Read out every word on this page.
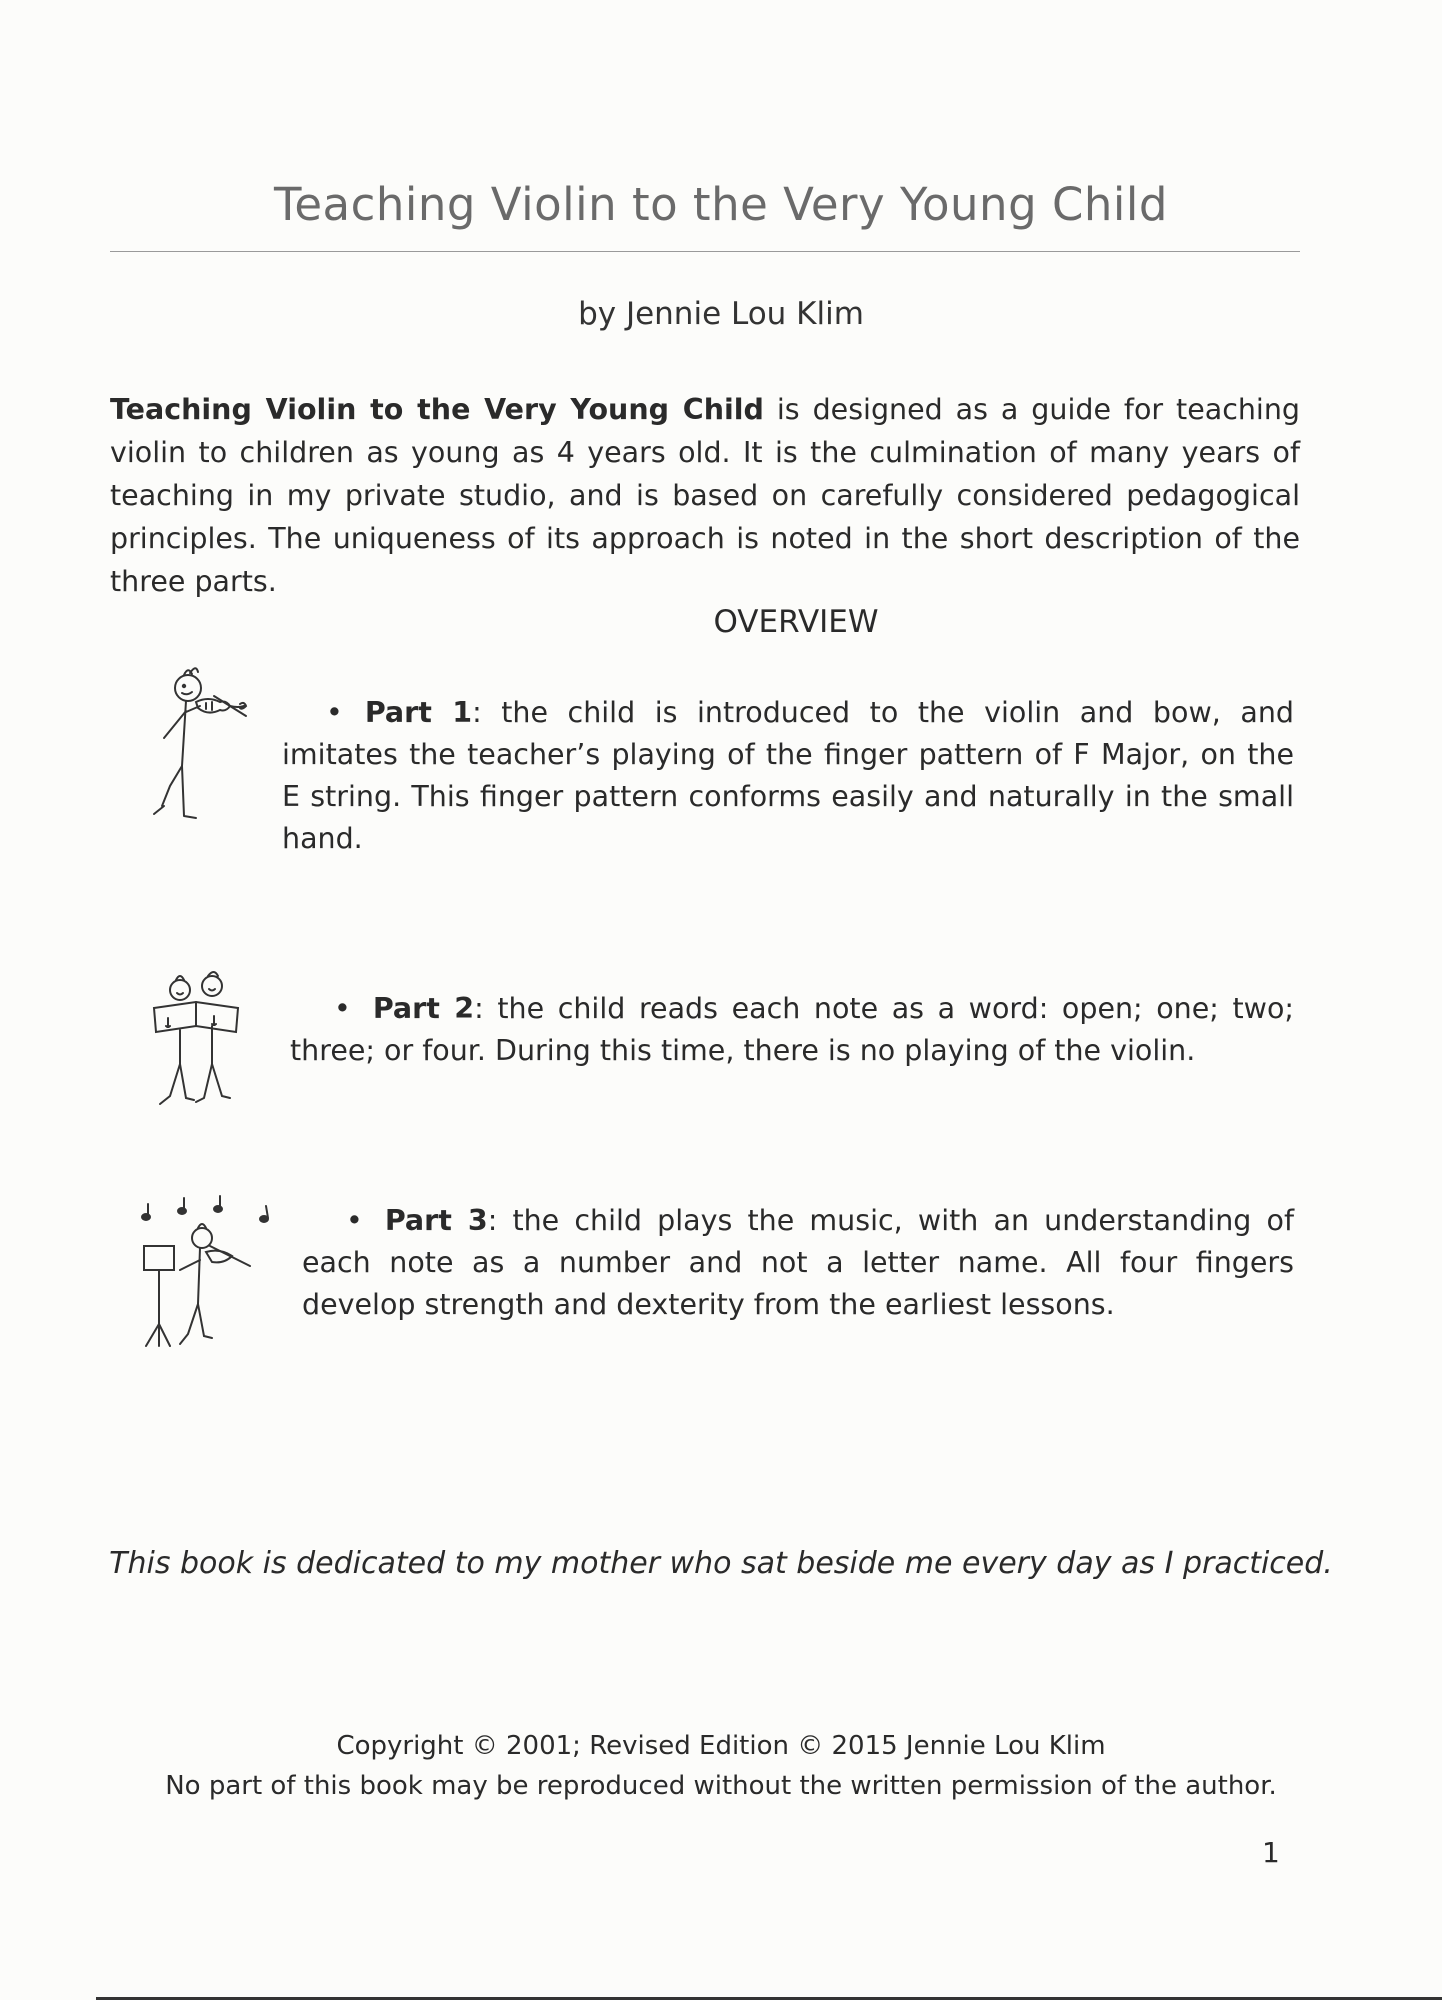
Teaching Violin to the Very Young Child
by Jennie Lou Klim
Teaching Violin to the Very Young Child is designed as a guide for teaching violin to children as young as 4 years old. It is the culmination of many years of teaching in my private studio, and is based on carefully considered pedagogical principles. The uniqueness of its approach is noted in the short description of the three parts.
OVERVIEW
• Part 1: the child is introduced to the violin and bow, and imitates the teacher’s playing of the finger pattern of F Major, on the E string. This finger pattern conforms easily and naturally in the small hand.
• Part 2: the child reads each note as a word: open; one; two; three; or four. During this time, there is no playing of the violin.
• Part 3: the child plays the music, with an understanding of each note as a number and not a letter name. All four fingers develop strength and dexterity from the earliest lessons.
This book is dedicated to my mother who sat beside me every day as I practiced.
Copyright © 2001; Revised Edition © 2015 Jennie Lou Klim
No part of this book may be reproduced without the written permission of the author.
1
